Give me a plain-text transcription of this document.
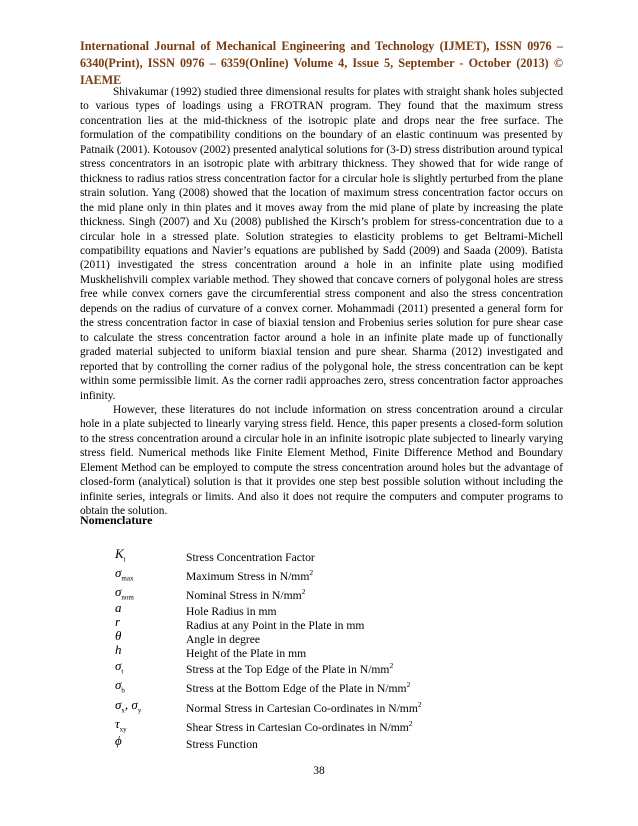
International Journal of Mechanical Engineering and Technology (IJMET), ISSN 0976 – 6340(Print), ISSN 0976 – 6359(Online) Volume 4, Issue 5, September - October (2013) © IAEME

Shivakumar (1992) studied three dimensional results for plates with straight shank holes subjected to various types of loadings using a FROTRAN program. They found that the maximum stress concentration lies at the mid-thickness of the isotropic plate and drops near the free surface. The formulation of the compatibility conditions on the boundary of an elastic continuum was presented by Patnaik (2001). Kotousov (2002) presented analytical solutions for (3-D) stress distribution around typical stress concentrators in an isotropic plate with arbitrary thickness. They showed that for wide range of thickness to radius ratios stress concentration factor for a circular hole is slightly perturbed from the plane strain solution. Yang (2008) showed that the location of maximum stress concentration factor occurs on the mid plane only in thin plates and it moves away from the mid plane of plate by increasing the plate thickness. Singh (2007) and Xu (2008) published the Kirsch’s problem for stress-concentration due to a circular hole in a stressed plate. Solution strategies to elasticity problems to get Beltrami-Michell compatibility equations and Navier’s equations are published by Sadd (2009) and Saada (2009). Batista (2011) investigated the stress concentration around a hole in an infinite plate using modified Muskhelishvili complex variable method. They showed that concave corners of polygonal holes are stress free while convex corners gave the circumferential stress component and also the stress concentration depends on the radius of curvature of a convex corner. Mohammadi (2011) presented a general form for the stress concentration factor in case of biaxial tension and Frobenius series solution for pure shear case to calculate the stress concentration factor around a hole in an infinite plate made up of functionally graded material subjected to uniform biaxial tension and pure shear. Sharma (2012) investigated and reported that by controlling the corner radius of the polygonal hole, the stress concentration can be kept within some permissible limit. As the corner radii approaches zero, stress concentration factor approaches infinity.

However, these literatures do not include information on stress concentration around a circular hole in a plate subjected to linearly varying stress field. Hence, this paper presents a closed-form solution to the stress concentration around a circular hole in an infinite isotropic plate subjected to linearly varying stress field. Numerical methods like Finite Element Method, Finite Difference Method and Boundary Element Method can be employed to compute the stress concentration around holes but the advantage of closed-form (analytical) solution is that it provides one step best possible solution without including the infinite series, integrals or limits. And also it does not require the computers and computer programs to obtain the solution.

Nomenclature
$K_t$	Stress Concentration Factor
$\sigma_{max}$	Maximum Stress in $N/mm^2$
$\sigma_{nom}$	Nominal Stress in $N/mm^2$
a	Hole Radius in mm
r	Radius at any Point in the Plate in mm
θ	Angle in degree
h	Height of the Plate in mm
$\sigma_t$	Stress at the Top Edge of the Plate in $N/mm^2$
$\sigma_b$	Stress at the Bottom Edge of the Plate in $N/mm^2$
$\sigma_x$, $\sigma_y$	Normal Stress in Cartesian Co-ordinates in $N/mm^2$
$\tau_{xy}$	Shear Stress in Cartesian Co-ordinates in $N/mm^2$
ϕ	Stress Function
38
